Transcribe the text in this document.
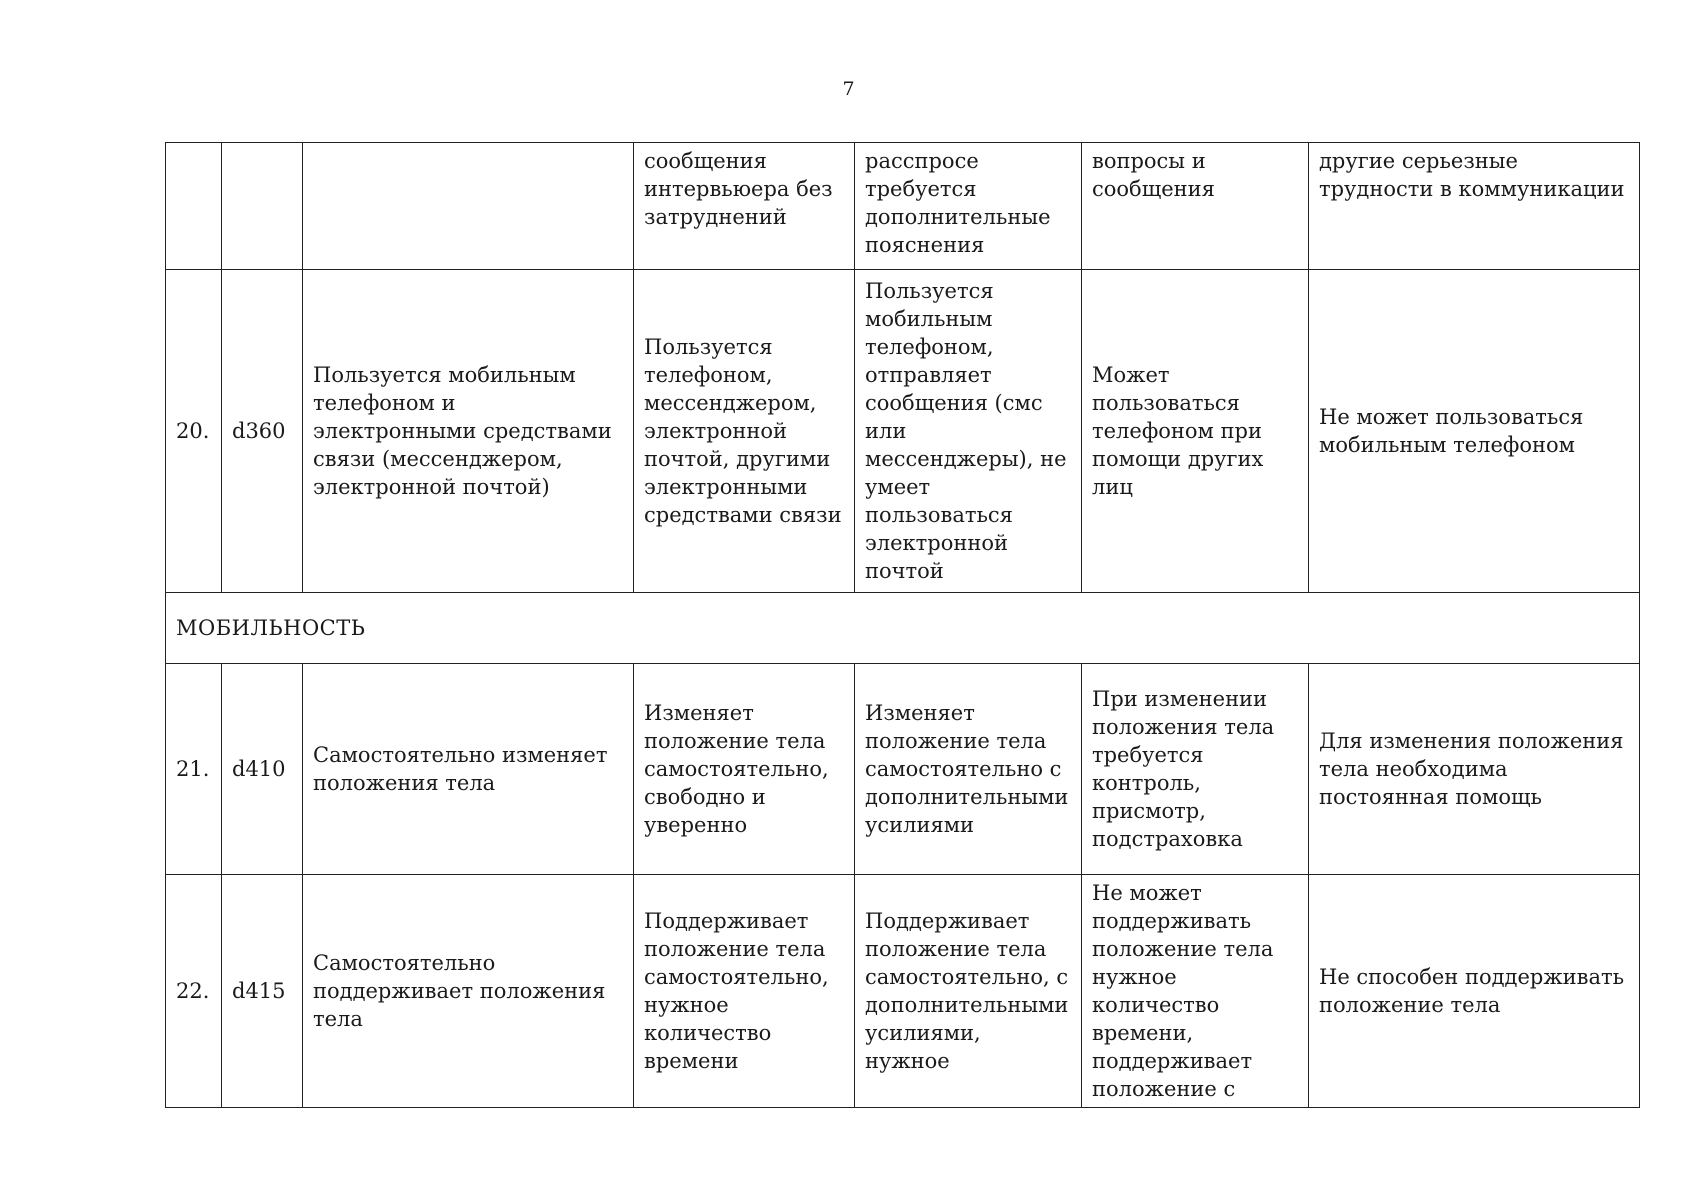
7
			сообщения интервьюера без затруднений	расспросе требуется дополнительные пояснения	вопросы и сообщения	другие серьезные трудности в коммуникации
20.	d360	Пользуется мобильным телефоном и электронными средствами связи (мессенджером, электронной почтой)	Пользуется телефоном, мессенджером, электронной почтой, другими электронными средствами связи	Пользуется мобильным телефоном, отправляет сообщения (смс или мессенджеры), не умеет пользоваться электронной почтой	Может пользоваться телефоном при помощи других лиц	Не может пользоваться мобильным телефоном
МОБИЛЬНОСТЬ						
21.	d410	Самостоятельно изменяет положения тела	Изменяет положение тела самостоятельно, свободно и уверенно	Изменяет положение тела самостоятельно с дополнительными усилиями	При изменении положения тела требуется контроль, присмотр, подстраховка	Для изменения положения тела необходима постоянная помощь
22.	d415	Самостоятельно поддерживает положения тела	Поддерживает положение тела самостоятельно, нужное количество времени	Поддерживает положение тела самостоятельно, с дополнительными усилиями, нужное	Не может поддерживать положение тела нужное количество времени, поддерживает положение с	Не способен поддерживать положение тела
